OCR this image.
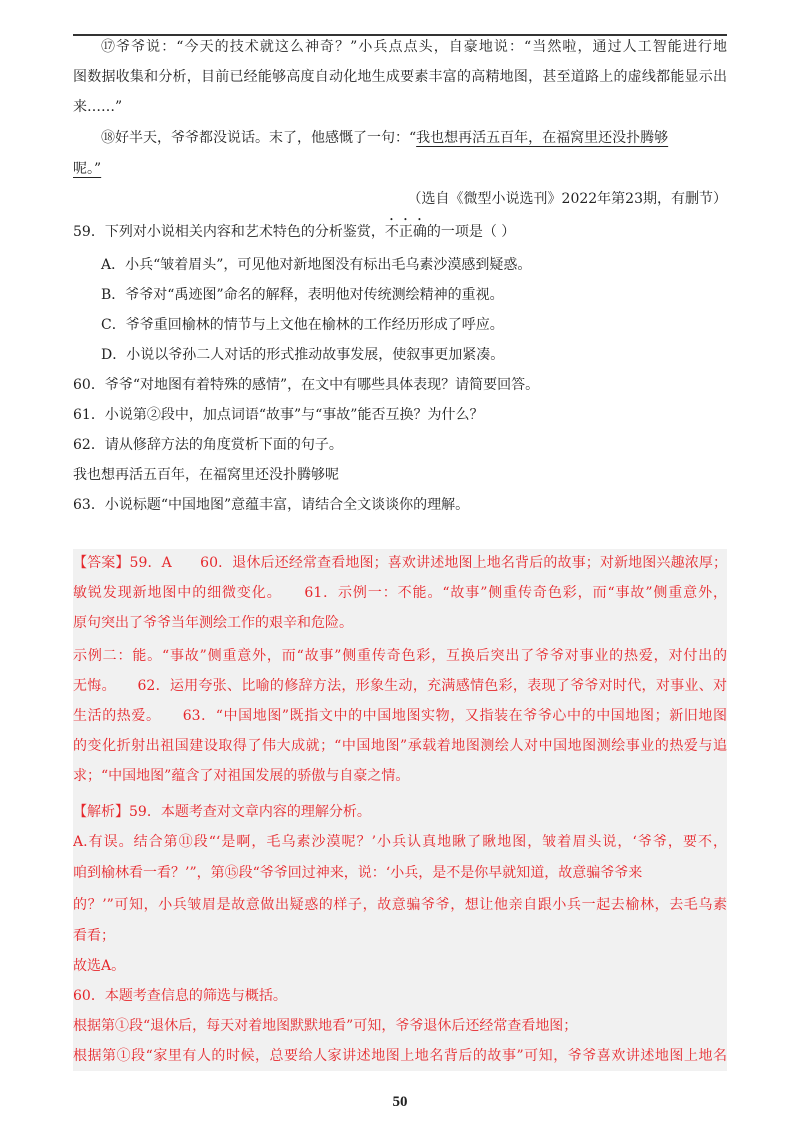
⑰爷爷说：“今天的技术就这么神奇？”小兵点点头，自豪地说：“当然啦，通过人工智能进行地
图数据收集和分析，目前已经能够高度自动化地生成要素丰富的高精地图，甚至道路上的虚线都能显示出
来……”
⑱好半天，爷爷都没说话。末了，他感慨了一句：“我也想再活五百年，在福窝里还没扑腾够
呢。”
（选自《微型小说选刊》2022年第23期，有删节）
59．下列对小说相关内容和艺术特色的分析鉴赏，不正确的一项是（ ）
A．小兵“皱着眉头”，可见他对新地图没有标出毛乌素沙漠感到疑惑。
B．爷爷对“禹迹图”命名的解释，表明他对传统测绘精神的重视。
C．爷爷重回榆林的情节与上文他在榆林的工作经历形成了呼应。
D．小说以爷孙二人对话的形式推动故事发展，使叙事更加紧凑。
60．爷爷“对地图有着特殊的感情”，在文中有哪些具体表现？请简要回答。
61．小说第②段中，加点词语“故事”与“事故”能否互换？为什么？
62．请从修辞方法的角度赏析下面的句子。
我也想再活五百年，在福窝里还没扑腾够呢
63．小说标题“中国地图”意蕴丰富，请结合全文谈谈你的理解。
【答案】59．A　　60．退休后还经常查看地图；喜欢讲述地图上地名背后的故事；对新地图兴趣浓厚；
敏锐发现新地图中的细微变化。　　61．示例一：不能。“故事”侧重传奇色彩，而“事故”侧重意外，
原句突出了爷爷当年测绘工作的艰辛和危险。
示例二：能。“事故”侧重意外，而“故事”侧重传奇色彩，互换后突出了爷爷对事业的热爱，对付出的
无悔。　　62．运用夸张、比喻的修辞方法，形象生动，充满感情色彩，表现了爷爷对时代，对事业、对
生活的热爱。　　63．“中国地图”既指文中的中国地图实物，又指装在爷爷心中的中国地图；新旧地图
的变化折射出祖国建设取得了伟大成就；“中国地图”承载着地图测绘人对中国地图测绘事业的热爱与追
求；“中国地图”蕴含了对祖国发展的骄傲与自豪之情。
【解析】59．本题考查对文章内容的理解分析。
A.有误。结合第⑪段“‘是啊，毛乌素沙漠呢？’小兵认真地瞅了瞅地图，皱着眉头说，‘爷爷，要不，
咱到榆林看一看？’”，第⑮段“爷爷回过神来，说：‘小兵，是不是你早就知道，故意骗爷爷来
的？’”可知，小兵皱眉是故意做出疑惑的样子，故意骗爷爷，想让他亲自跟小兵一起去榆林，去毛乌素
看看；
故选A。
60．本题考查信息的筛选与概括。
根据第①段“退休后，每天对着地图默默地看”可知，爷爷退休后还经常查看地图；
根据第①段“家里有人的时候，总要给人家讲述地图上地名背后的故事”可知，爷爷喜欢讲述地图上地名
50
